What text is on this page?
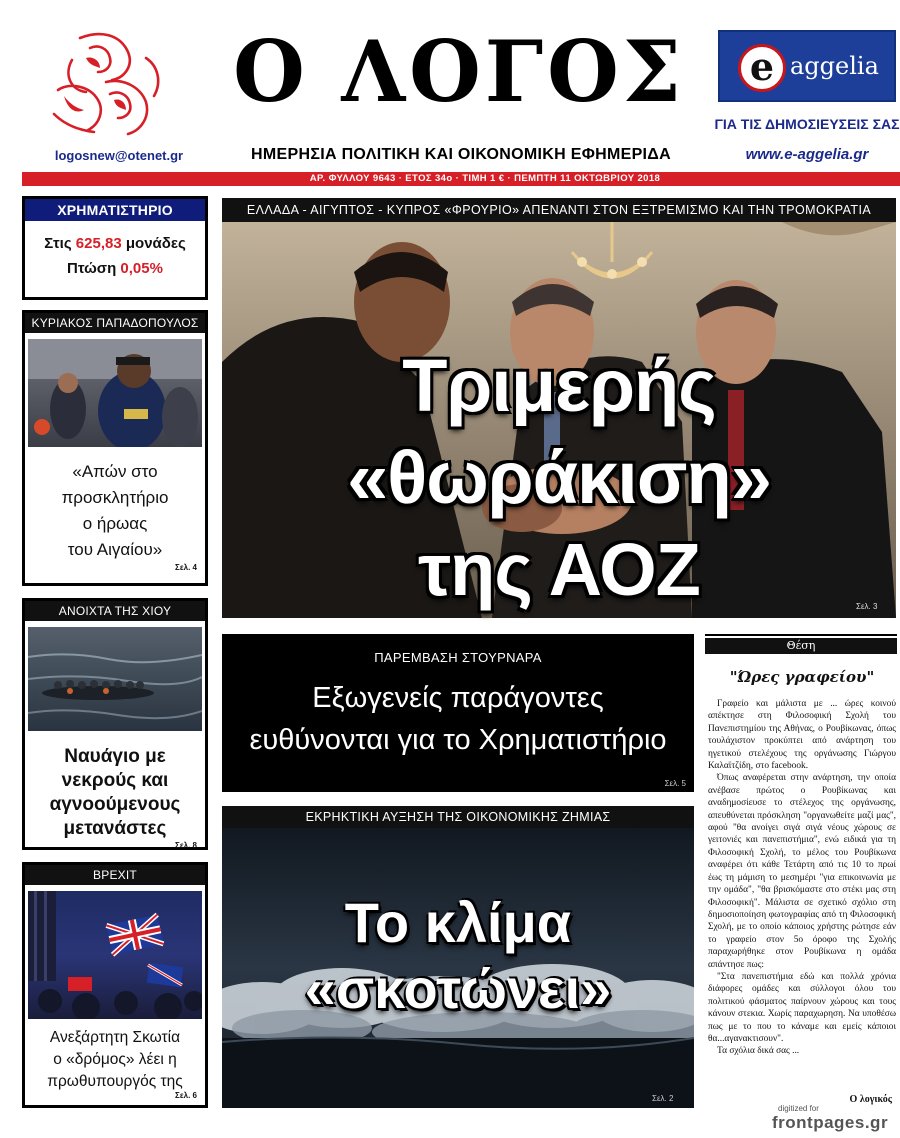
logosnew@otenet.gr
Ο ΛΟΓΟΣ
ΗΜΕΡΗΣΙΑ ΠΟΛΙΤΙΚΗ ΚΑΙ ΟΙΚΟΝΟΜΙΚΗ ΕΦΗΜΕΡΙΔΑ
e aggelia
ΓΙΑ ΤΙΣ ΔΗΜΟΣΙΕΥΣΕΙΣ ΣΑΣ
www.e-aggelia.gr
ΑΡ. ΦΥΛΛΟΥ 9643 · ΕΤΟΣ 34ο · ΤΙΜΗ 1 € · ΠΕΜΠΤΗ 11 ΟΚΤΩΒΡΙΟΥ 2018
ΧΡΗΜΑΤΙΣΤΗΡΙΟ
Στις 625,83 μονάδες
Πτώση 0,05%
ΚΥΡΙΑΚΟΣ ΠΑΠΑΔΟΠΟΥΛΟΣ
«Απών στο
προσκλητήριο
ο ήρωας
του Αιγαίου»
Σελ. 4
ΑΝΟΙΧΤΑ ΤΗΣ ΧΙΟΥ
Ναυάγιο με
νεκρούς και
αγνοούμενους
μετανάστες
Σελ. 8
ΒΡΕΧΙΤ
Ανεξάρτητη Σκωτία
ο «δρόμος» λέει η
πρωθυπουργός της
Σελ. 6
ΕΛΛΑΔΑ - ΑΙΓΥΠΤΟΣ - ΚΥΠΡΟΣ «ΦΡΟΥΡΙΟ» ΑΠΕΝΑΝΤΙ ΣΤΟΝ ΕΞΤΡΕΜΙΣΜΟ ΚΑΙ ΤΗΝ ΤΡΟΜΟΚΡΑΤΙΑ
Τριμερής «θωράκιση»
της ΑΟΖ	Σελ. 3
ΠΑΡΕΜΒΑΣΗ ΣΤΟΥΡΝΑΡΑ
Εξωγενείς παράγοντες
ευθύνονται για το Χρηματιστήριο
Σελ. 5
ΕΚΡΗΚΤΙΚΗ ΑΥΞΗΣΗ ΤΗΣ ΟΙΚΟΝΟΜΙΚΗΣ ΖΗΜΙΑΣ
Το κλίμα
«σκοτώνει»
Σελ. 2
Θέση
"Ώρες γραφείου"

Γραφείο και μάλιστα με ... ώρες κοινού απέκτησε στη Φιλοσοφική Σχολή του Πανεπιστημίου της Αθήνας, ο Ρουβίκωνας, όπως τουλάχιστον προκύπτει από ανάρτηση του ηγετικού στελέχους της οργάνωσης Γιώργου Καλαϊτζίδη, στο facebook.

Όπως αναφέρεται στην ανάρτηση, την οποία ανέβασε πρώτος ο Ρουβίκωνας και αναδημοσίευσε το στέλεχος της οργάνωσης, απευθύνεται πρόσκληση "οργανωθείτε μαζί μας", αφού "θα ανοίγει σιγά σιγά νέους χώρους σε γειτονιές και πανεπιστήμια", ενώ ειδικά για τη Φιλοσοφική Σχολή, το μέλος του Ρουβίκωνα αναφέρει ότι κάθε Τετάρτη από τις 10 το πρωί έως τη μάμιση το μεσημέρι "για επικοινωνία με την ομάδα", "θα βρισκόμαστε στο στέκι μας στη Φιλοσοφική". Μάλιστα σε σχετικό σχόλιο στη δημοσιοποίηση φωτογραφίας από τη Φιλοσοφική Σχολή, με το οποίο κάποιος χρήστης ρώτησε εάν το γραφείο στον 5ο όροφο της Σχολής παραχωρήθηκε στον Ρουβίκωνα η ομάδα απάντησε πως:

"Στα πανεπιστήμια εδώ και πολλά χρόνια διάφορες ομάδες και σύλλογοι όλου του πολιτικού φάσματος παίρνουν χώρους και τους κάνουν στεκια. Χωρίς παραχωρηση. Να υποθέσω πως με το που το κάναμε και εμείς κάποιοι θα...αγανακτισουν".

Τα σχόλια δικά σας ...

Ο λογικός
digitized for
frontpages.gr
